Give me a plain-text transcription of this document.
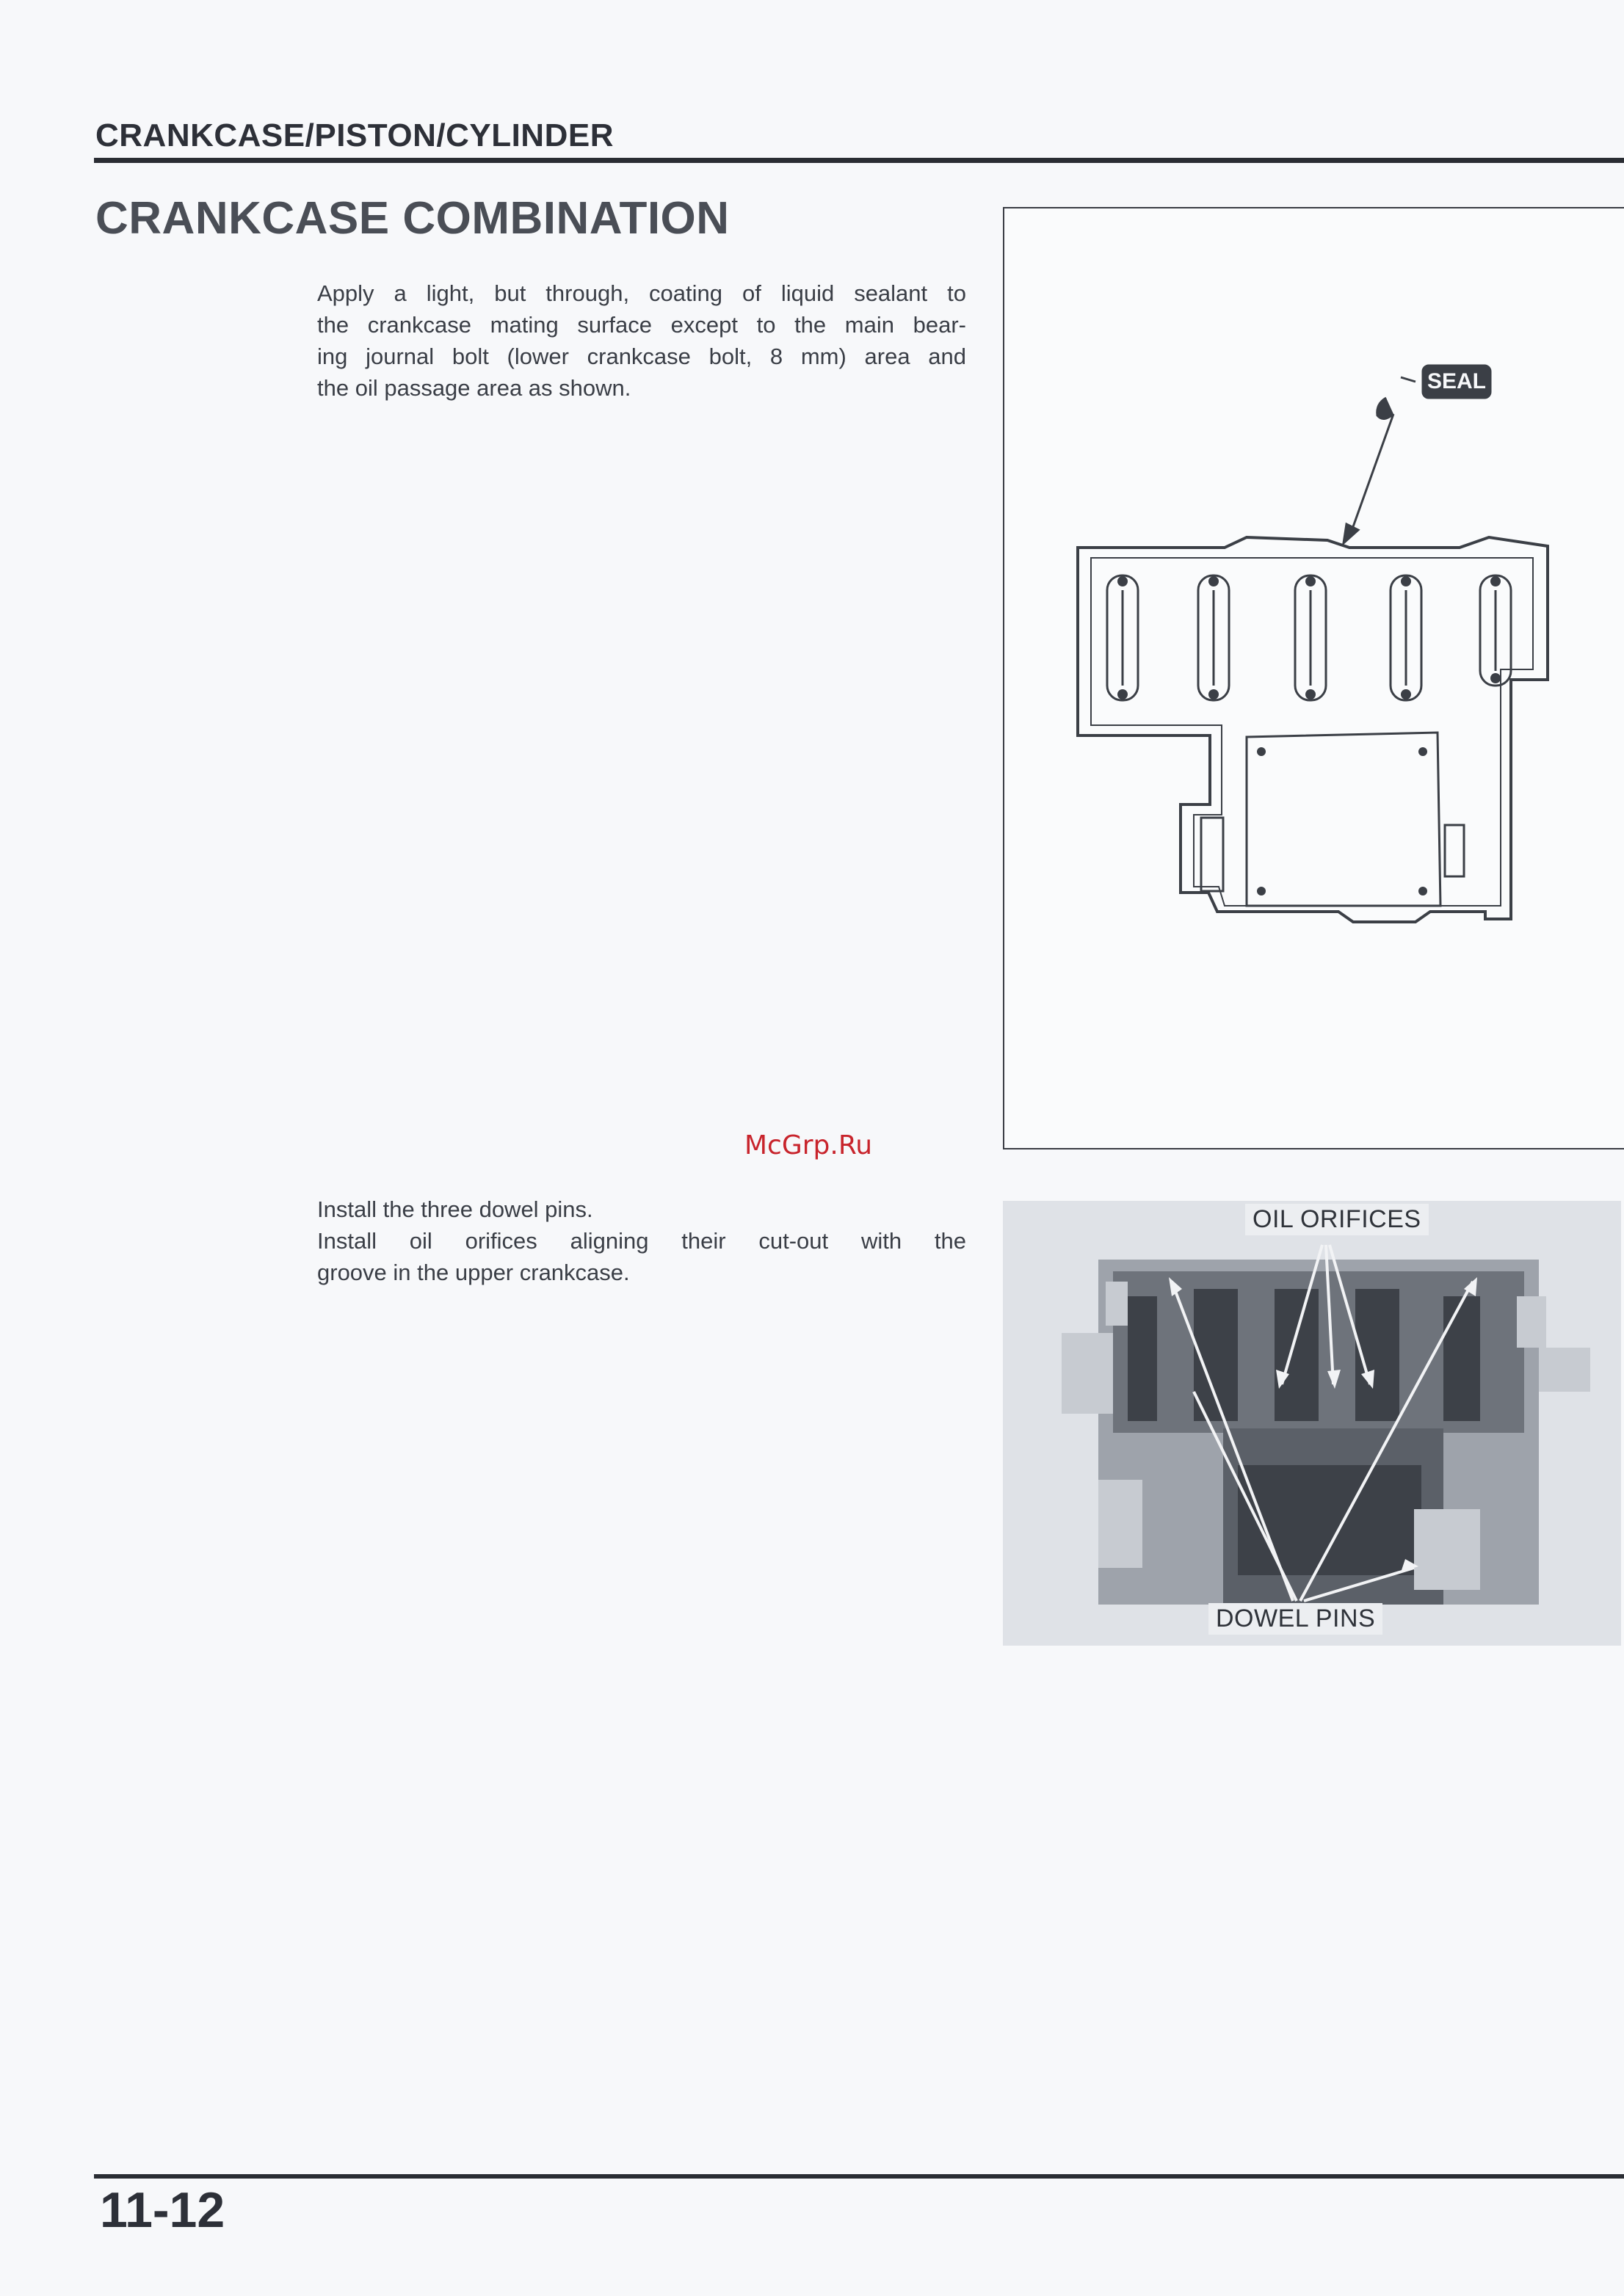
CRANKCASE/PISTON/CYLINDER
CRANKCASE COMBINATION
Apply a light, but through, coating of liquid sealant to
the crankcase mating surface except to the main bear-
ing journal bolt (lower crankcase bolt, 8 mm) area and
the oil passage area as shown.	SEAL
McGrp.Ru
Install the three dowel pins.
Install oil orifices aligning their cut-out with the
groove in the upper crankcase.
OIL ORIFICES
DOWEL PINS
11-12
